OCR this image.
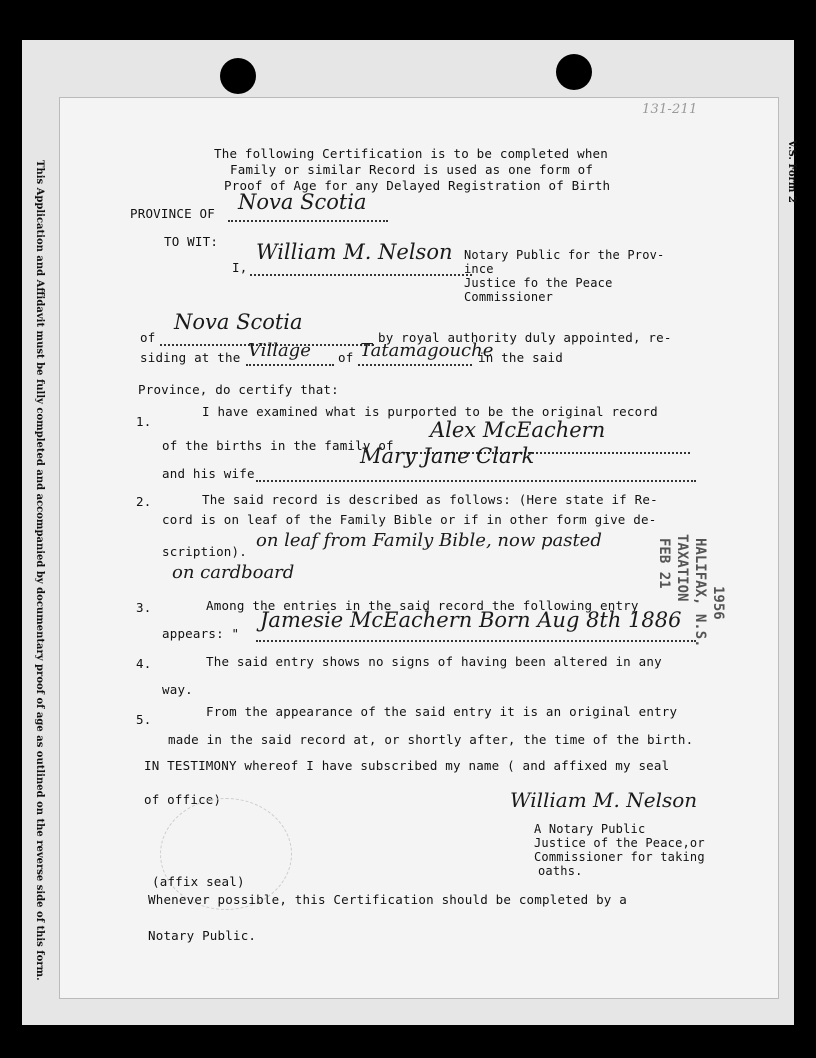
This Application and Affidavit must be fully completed and accompanied by documentary proof of age as outlined on the reverse side of this form.	V.S. Form 2
131-211
The following Certification is to be completed when
Family or similar Record is used as one form of
Proof of Age for any Delayed Registration of Birth
PROVINCE OF Nova Scotia
TO WIT:
I,
William M. Nelson Notary Public for the Prov-
ince
Justice fo the Peace
Commissioner
of
Nova Scotia
by royal authority duly appointed, re-
siding at the Village of Tatamagouche
in the said
Province, do certify that:
1.
I have examined what is purported to be the original record
of the births in the family of
Alex McEachern
and his wife
Mary Jane Clark
2.	The said record is described as follows: (Here state if Re-
cord is on leaf of the Family Bible or if in other form give de-
scription).
on leaf from Family Bible, now pasted
on cardboard
3.	Among the entries in the said record the following entry
appears: "
Jamesie McEachern Born Aug 8th 1886
4.	The said entry shows no signs of having been altered in any
way.
5.
From the appearance of the said entry it is an original entry
made in the said record at, or shortly after, the time of the birth.
IN TESTIMONY whereof I have subscribed my name ( and affixed my seal
of office)	William M. Nelson
A Notary Public
Justice of the Peace,or
Commissioner for taking
oaths.
(affix seal)
Whenever possible, this Certification should be completed by a
Notary Public.
FEB 21 TAXATION HALIFAX, N.S. 1956
